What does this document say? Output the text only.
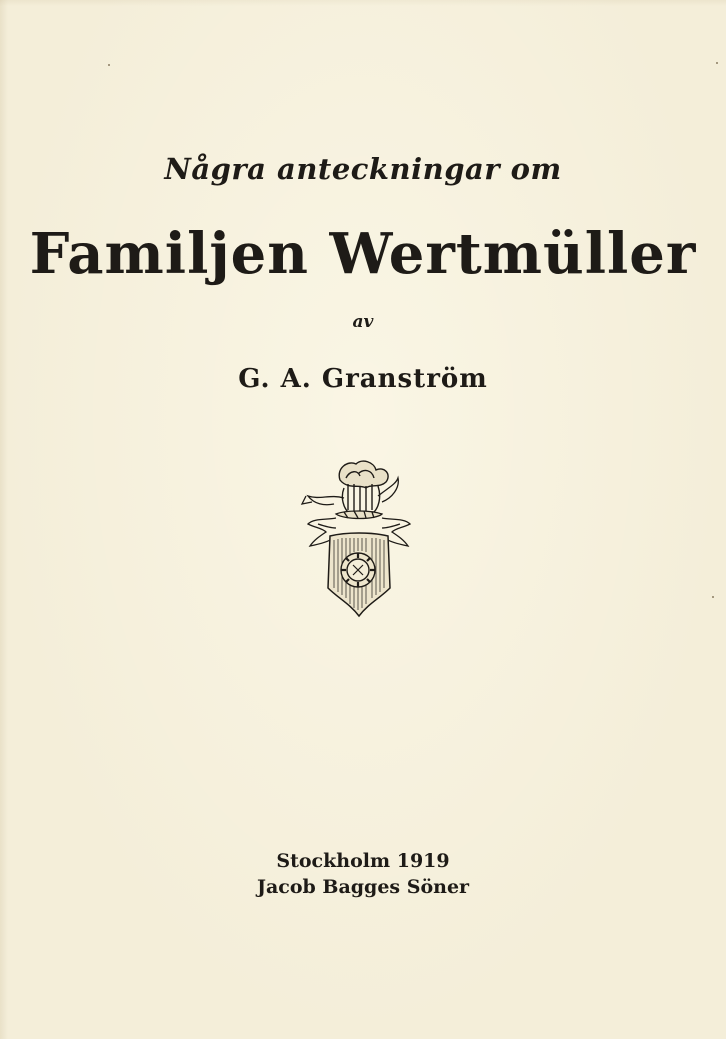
Några anteckningar om
Familjen Wertmüller
av
G. A. Granström
Stockholm 1919
Jacob Bagges Söner
